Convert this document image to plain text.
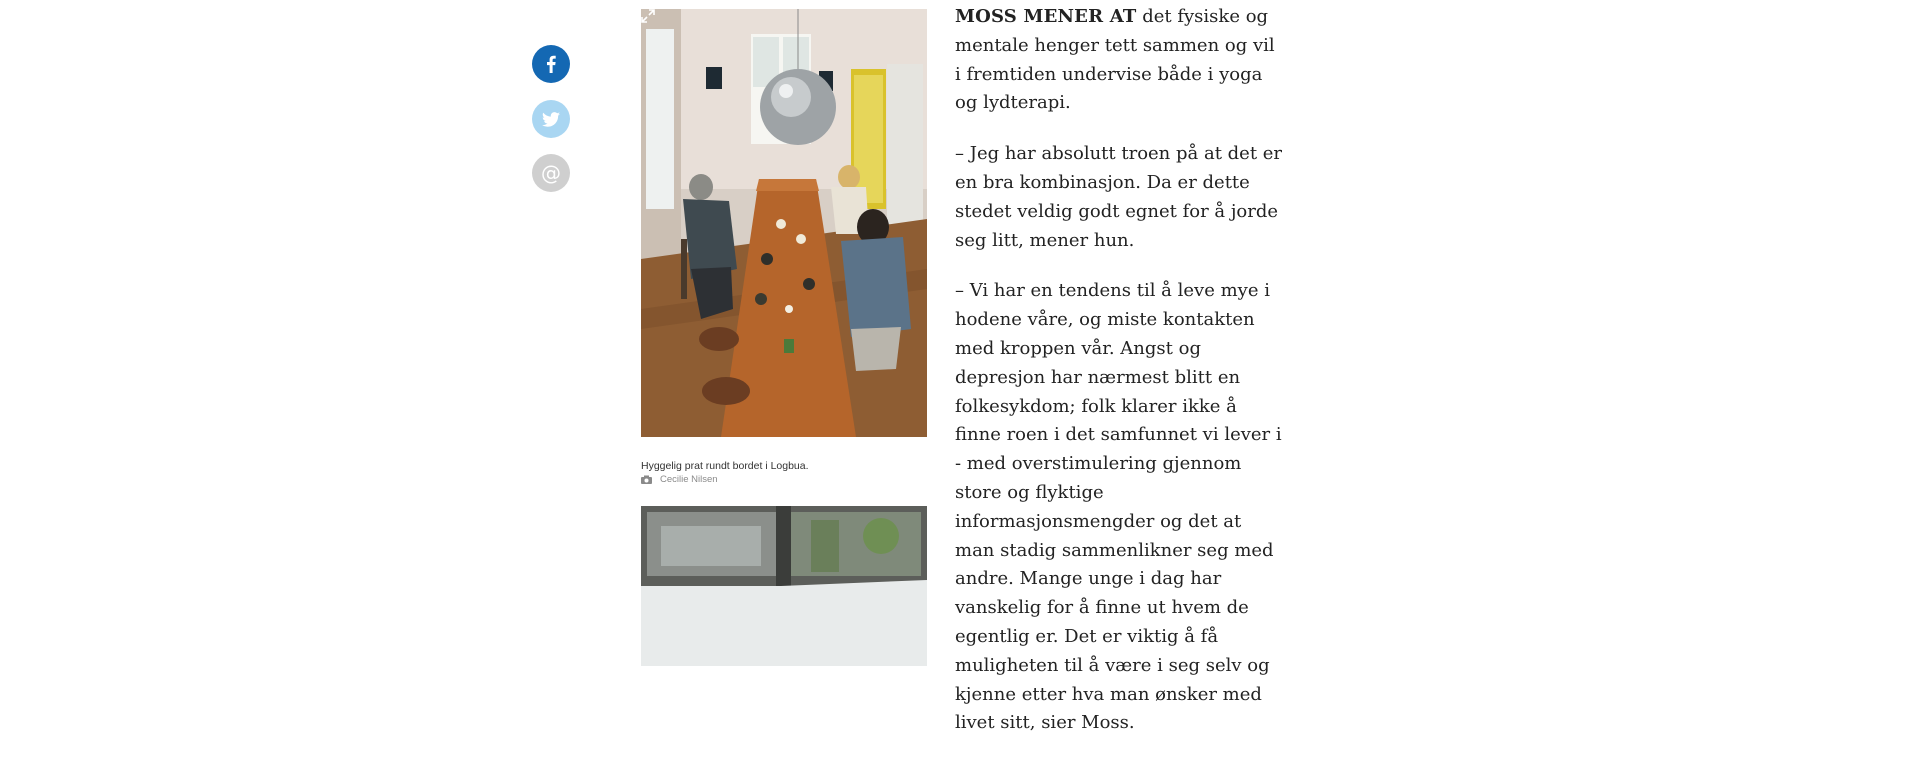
@
Hyggelig prat rundt bordet i Logbua.
Cecilie Nilsen

MOSS MENER AT det fysiske og mentale henger tett sammen og vil i fremtiden undervise både i yoga og lydterapi.

– Jeg har absolutt troen på at det er en bra kombinasjon. Da er dette stedet veldig godt egnet for å jorde seg litt, mener hun.

– Vi har en tendens til å leve mye i hodene våre, og miste kontakten med kroppen vår. Angst og depresjon har nærmest blitt en folkesykdom; folk klarer ikke å finne roen i det samfunnet vi lever i - med overstimulering gjennom store og flyktige informasjonsmengder og det at man stadig sammenlikner seg med andre. Mange unge i dag har vanskelig for å finne ut hvem de egentlig er. Det er viktig å få muligheten til å være i seg selv og kjenne etter hva man ønsker med livet sitt, sier Moss.
